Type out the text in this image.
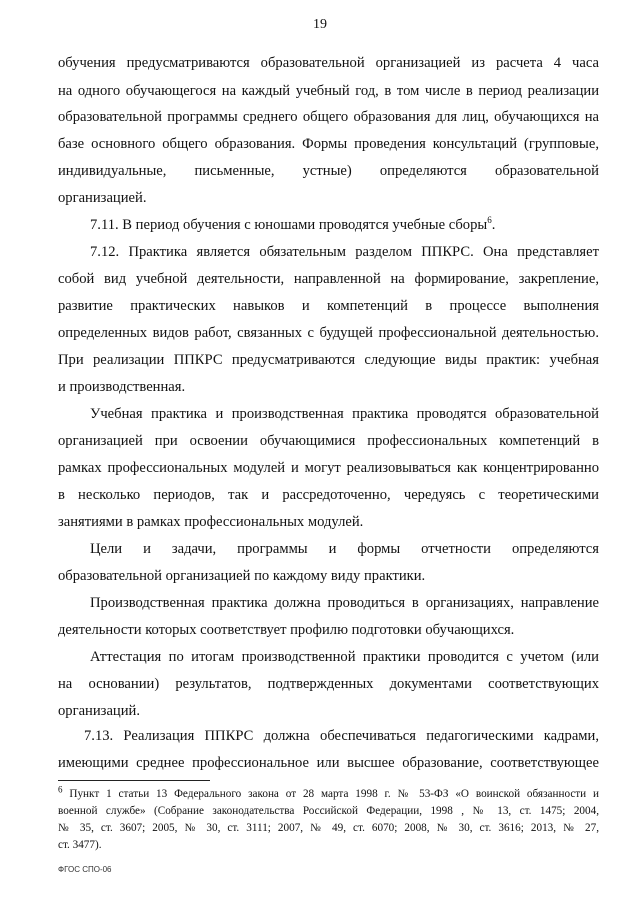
19
обучения предусматриваются образовательной организацией из расчета 4 часа
на одного обучающегося на каждый учебный год, в том числе в период реализации
образовательной программы среднего общего образования для лиц, обучающихся на
базе основного общего образования. Формы проведения консультаций (групповые,
индивидуальные, письменные, устные) определяются образовательной
организацией.
7.11. В период обучения с юношами проводятся учебные сборы$^6$.
7.12. Практика является обязательным разделом ППКРС. Она представляет
собой вид учебной деятельности, направленной на формирование, закрепление,
развитие практических навыков и компетенций в процессе выполнения
определенных видов работ, связанных с будущей профессиональной деятельностью.
При реализации ППКРС предусматриваются следующие виды практик: учебная
и производственная.
Учебная практика и производственная практика проводятся образовательной
организацией при освоении обучающимися профессиональных компетенций в
рамках профессиональных модулей и могут реализовываться как концентрированно
в несколько периодов, так и рассредоточенно, чередуясь с теоретическими
занятиями в рамках профессиональных модулей.
Цели и задачи, программы и формы отчетности определяются
образовательной организацией по каждому виду практики.
Производственная практика должна проводиться в организациях, направление
деятельности которых соответствует профилю подготовки обучающихся.
Аттестация по итогам производственной практики проводится с учетом (или
на основании) результатов, подтвержденных документами соответствующих
организаций.
7.13. Реализация ППКРС должна обеспечиваться педагогическими кадрами,
имеющими среднее профессиональное или высшее образование, соответствующее
$^6$ Пункт 1 статьи 13 Федерального закона от 28 марта 1998 г. № 53-ФЗ «О воинской обязанности и
военной службе» (Собрание законодательства Российской Федерации, 1998 , № 13, ст. 1475; 2004,
№ 35, ст. 3607; 2005, № 30, ст. 3111; 2007, № 49, ст. 6070; 2008, № 30, ст. 3616; 2013, № 27,
ст. 3477).
ФГОС СПО-06
